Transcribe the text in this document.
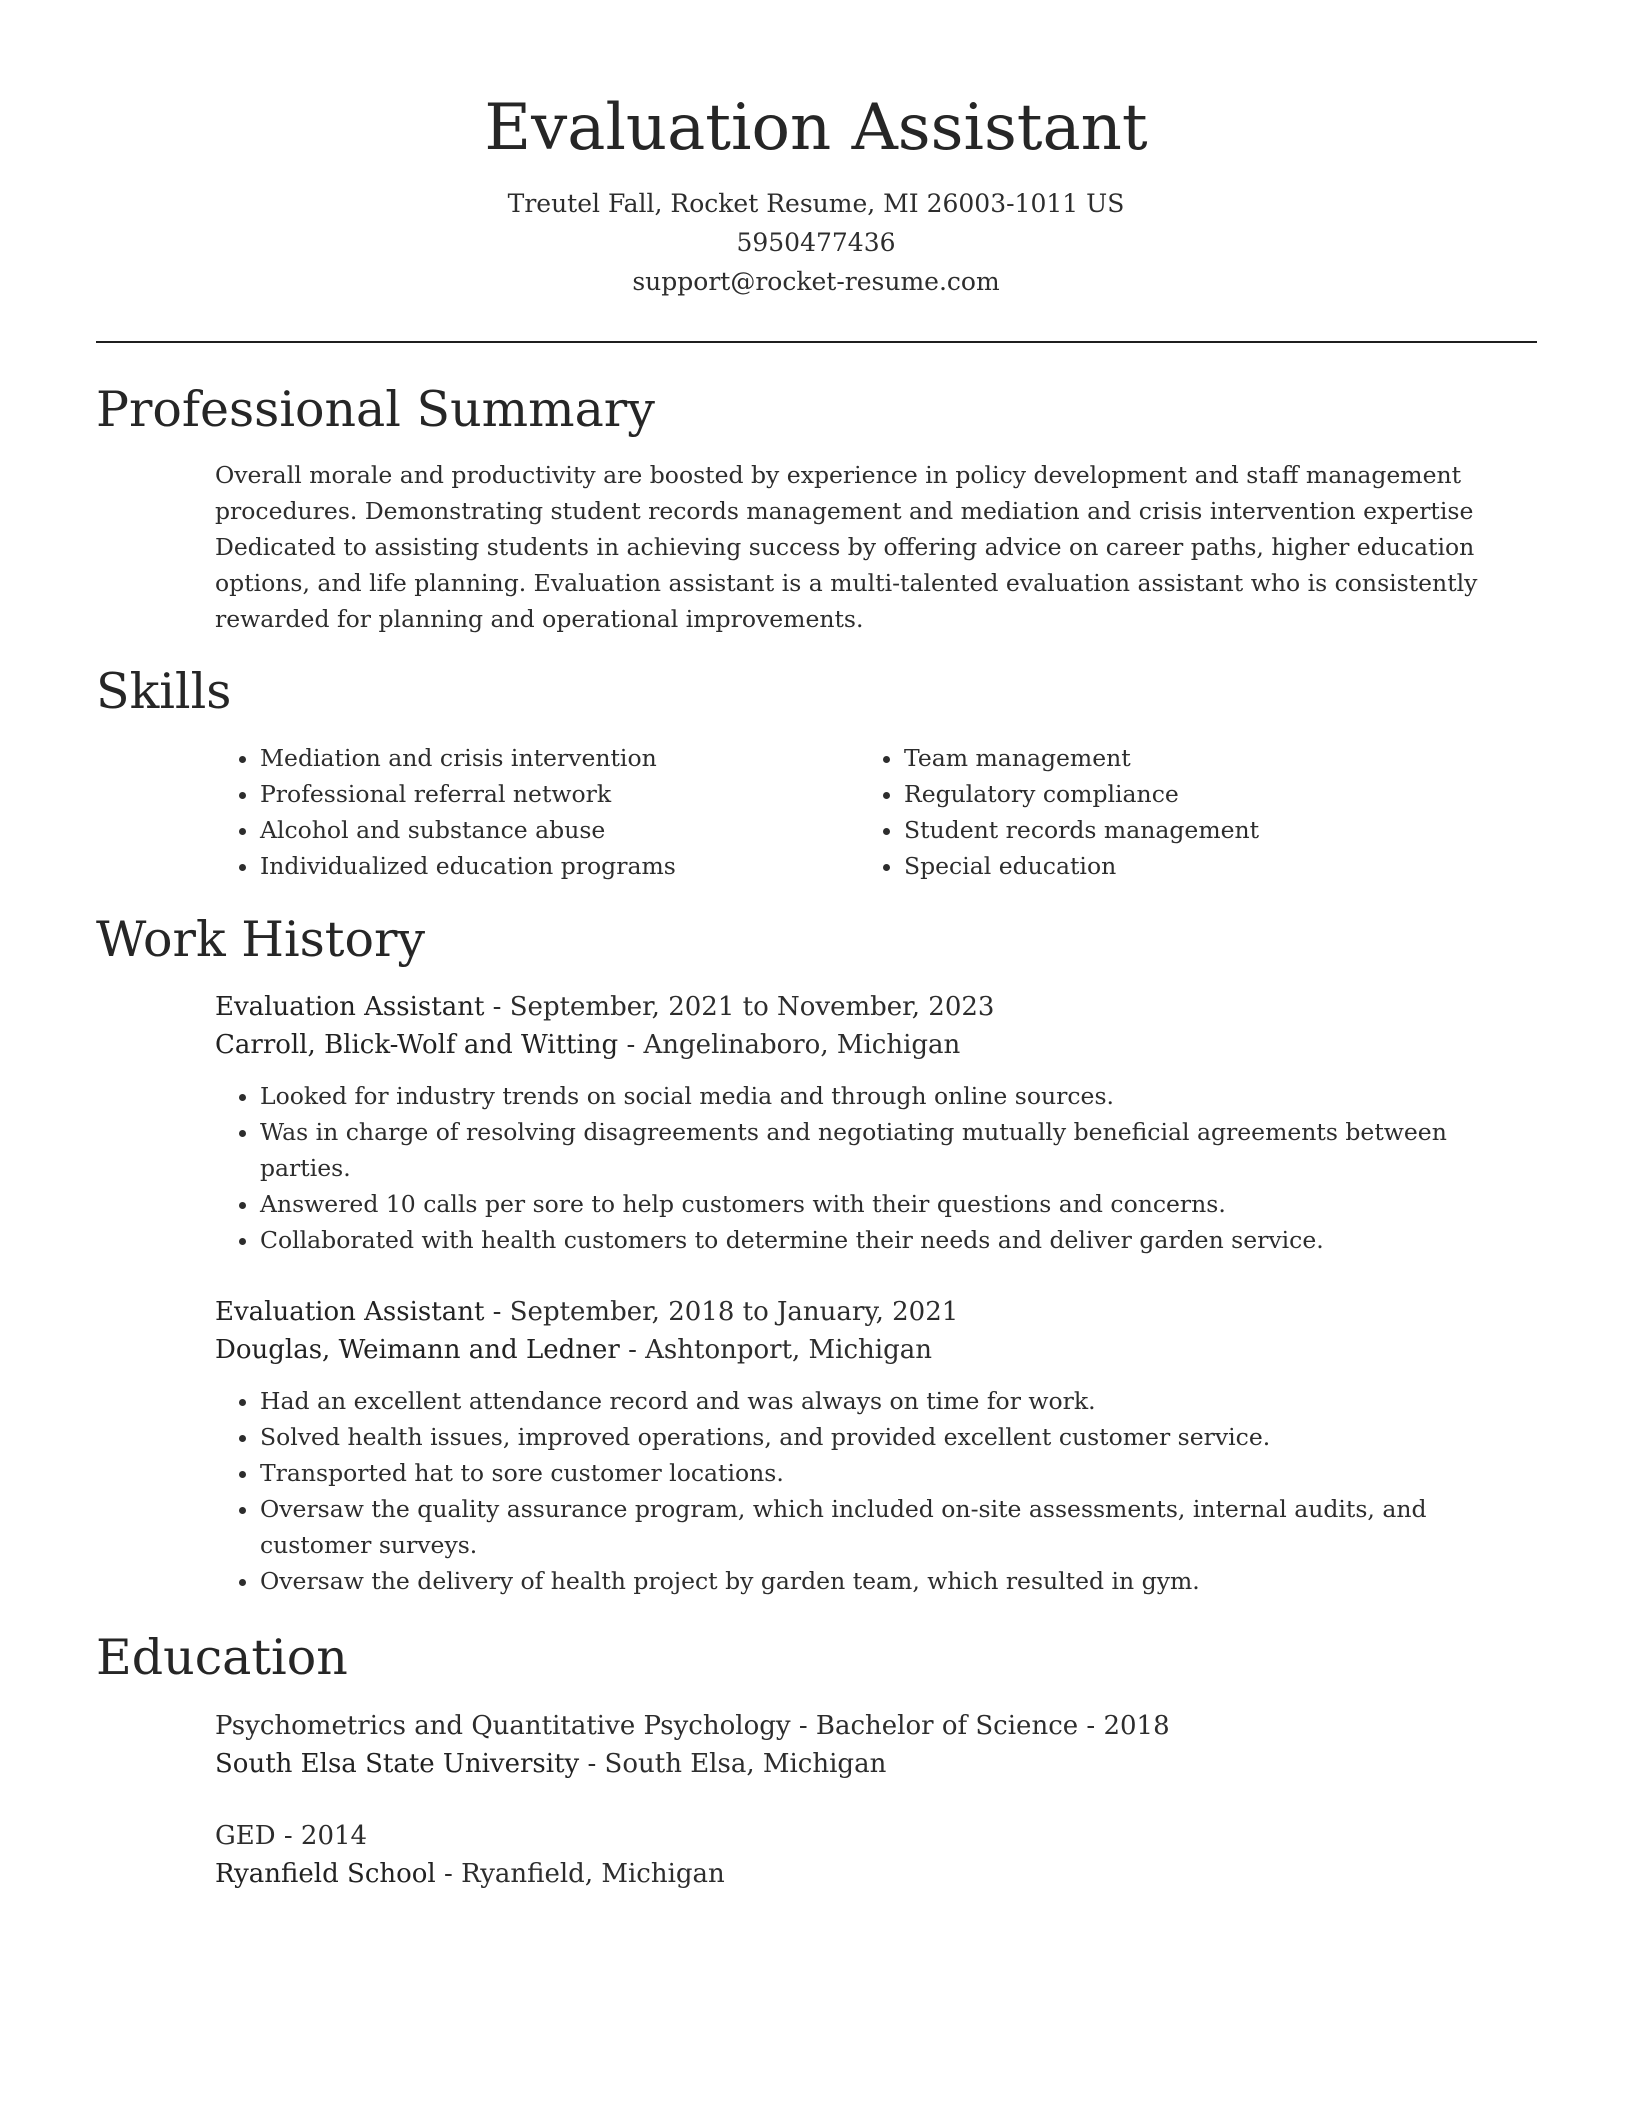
Evaluation Assistant
Treutel Fall, Rocket Resume, MI 26003-1011 US
5950477436
support@rocket-resume.com
Professional Summary

Overall morale and productivity are boosted by experience in policy development and staff management procedures. Demonstrating student records management and mediation and crisis intervention expertise Dedicated to assisting students in achieving success by offering advice on career paths, higher education options, and life planning. Evaluation assistant is a multi-talented evaluation assistant who is consistently rewarded for planning and operational improvements.

Skills
• Mediation and crisis intervention
• Professional referral network
• Alcohol and substance abuse
• Individualized education programs
• Team management
• Regulatory compliance
• Student records management
• Special education
Work History
Evaluation Assistant - September, 2021 to November, 2023
Carroll, Blick-Wolf and Witting - Angelinaboro, Michigan
• Looked for industry trends on social media and through online sources.
• Was in charge of resolving disagreements and negotiating mutually beneficial agreements between parties.
• Answered 10 calls per sore to help customers with their questions and concerns.
• Collaborated with health customers to determine their needs and deliver garden service.
Evaluation Assistant - September, 2018 to January, 2021
Douglas, Weimann and Ledner - Ashtonport, Michigan
• Had an excellent attendance record and was always on time for work.
• Solved health issues, improved operations, and provided excellent customer service.
• Transported hat to sore customer locations.
• Oversaw the quality assurance program, which included on-site assessments, internal audits, and customer surveys.
• Oversaw the delivery of health project by garden team, which resulted in gym.
Education
Psychometrics and Quantitative Psychology - Bachelor of Science - 2018
South Elsa State University - South Elsa, Michigan
GED - 2014
Ryanfield School - Ryanfield, Michigan
